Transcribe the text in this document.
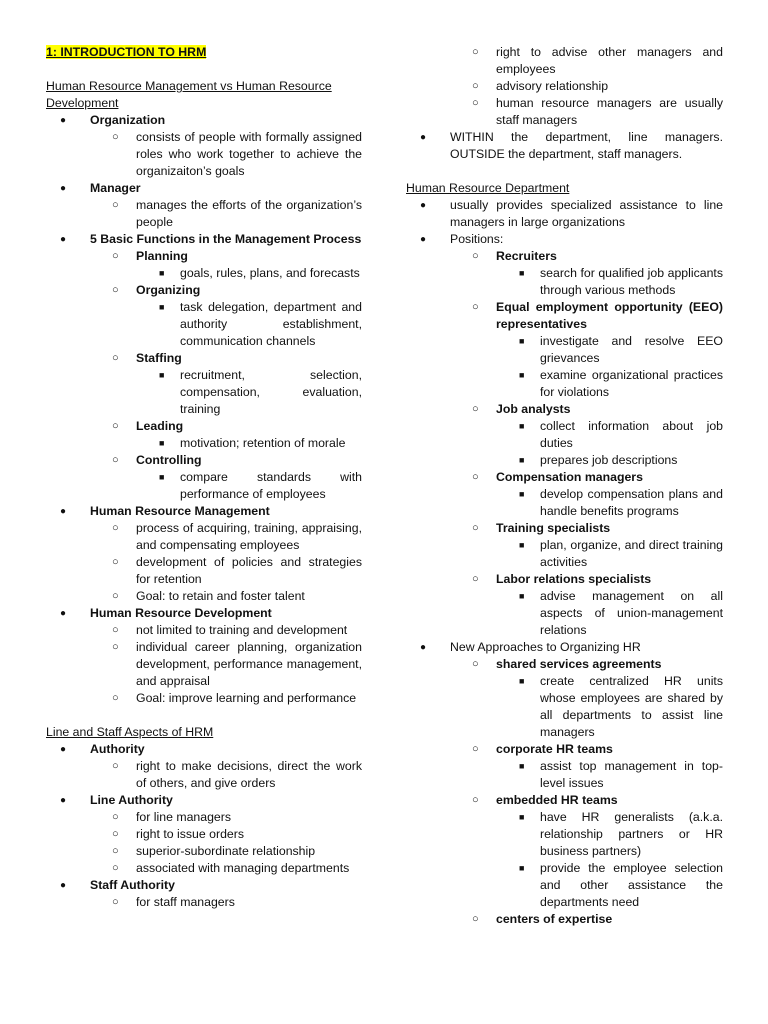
1: INTRODUCTION TO HRM

Human Resource Management vs Human Resource Development

● Organization
○ consists of people with formally assigned roles who work together to achieve the organizaiton’s goals
● Manager
○ manages the efforts of the organization’s people
● 5 Basic Functions in the Management Process
○ Planning
■ goals, rules, plans, and forecasts
○ Organizing
■ task delegation, department and authority establishment, communication channels
○ Staffing
■ recruitment, selection, compensation, evaluation, training
○ Leading
■ motivation; retention of morale
○ Controlling
■ compare standards with performance of employees
● Human Resource Management
○ process of acquiring, training, appraising, and compensating employees
○ development of policies and strategies for retention
○ Goal: to retain and foster talent
● Human Resource Development
○ not limited to training and development
○ individual career planning, organization development, performance management, and appraisal
○ Goal: improve learning and performance

Line and Staff Aspects of HRM

● Authority
○ right to make decisions, direct the work of others, and give orders
● Line Authority
○ for line managers
○ right to issue orders
○ superior-subordinate relationship
○ associated with managing departments
● Staff Authority
○ for staff managers
○ right to advise other managers and employees
○ advisory relationship
○ human resource managers are usually staff managers
● WITHIN the department, line managers. OUTSIDE the department, staff managers.

Human Resource Department

● usually provides specialized assistance to line managers in large organizations
● Positions:
○ Recruiters
■ search for qualified job applicants through various methods
○ Equal employment opportunity (EEO) representatives
■ investigate and resolve EEO grievances
■ examine organizational practices for violations
○ Job analysts
■ collect information about job duties
■ prepares job descriptions
○ Compensation managers
■ develop compensation plans and handle benefits programs
○ Training specialists
■ plan, organize, and direct training activities
○ Labor relations specialists
■ advise management on all aspects of union-management relations
● New Approaches to Organizing HR
○ shared services agreements
■ create centralized HR units whose employees are shared by all departments to assist line managers
○ corporate HR teams
■ assist top management in top-level issues
○ embedded HR teams
■ have HR generalists (a.k.a. relationship partners or HR business partners)
■ provide the employee selection and other assistance the departments need
○ centers of expertise
